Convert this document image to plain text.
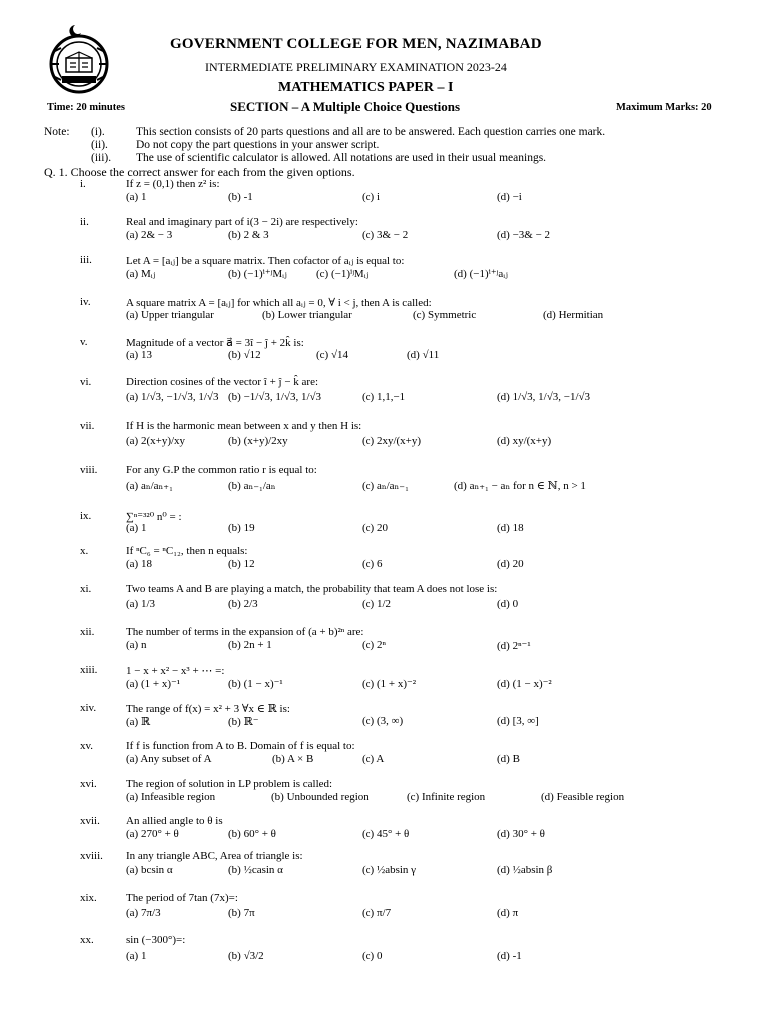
GOVERNMENT COLLEGE FOR MEN, NAZIMABAD
INTERMEDIATE PRELIMINARY EXAMINATION 2023-24
MATHEMATICS PAPER – I
Time: 20 minutes	SECTION – A Multiple Choice Questions	Maximum Marks: 20
Note: (i).	This section consists of 20 parts questions and all are to be answered. Each question carries one mark.
(ii). Do not copy the part questions in your answer script.
(iii). The use of scientific calculator is allowed. All notations are used in their usual meanings.
Q. 1. Choose the correct answer for each from the given options.
i.	If z = (0,1) then z² is:
(a) 1	(b) -1	(c) i	(d) −i
ii.	Real and imaginary part of i(3 − 2i) are respectively:
(a) 2& − 3	(b) 2 & 3	(c) 3& − 2	(d) −3& − 2
iii.	Let A = [aᵢⱼ] be a square matrix. Then cofactor of aᵢⱼ is equal to:
(a) Mᵢⱼ	(b) (−1)ⁱ⁺ʲMᵢⱼ	(c) (−1)ⁱʲMᵢⱼ	(d) (−1)ⁱ⁺ʲaᵢⱼ
iv.	A square matrix A = [aᵢⱼ] for which all aᵢⱼ = 0, ∀ i < j, then A is called:
(a) Upper triangular	(b) Lower triangular	(c) Symmetric	(d) Hermitian
v.	Magnitude of a vector a⃗ = 3î − ĵ + 2k̂ is:
(a) 13	(b) √12	(c) √14	(d) √11
vi.	Direction cosines of the vector î + ĵ − k̂ are:
(a) 1/√3, −1/√3, 1/√3 (b) −1/√3, 1/√3, 1/√3	(c) 1,1,−1	(d) 1/√3, 1/√3, −1/√3
vii.	If H is the harmonic mean between x and y then H is:
(a) 2(x+y)/xy	(b) (x+y)/2xy	(c) 2xy/(x+y)	(d) xy/(x+y)
viii.	For any G.P the common ratio r is equal to:
(a) aₙ/aₙ₊₁	(b) aₙ₋₁/aₙ	(c) aₙ/aₙ₋₁	(d) aₙ₊₁ − aₙ for n ∈ ℕ, n > 1
ix.	∑ⁿ⁼³²⁰ n⁰ = :
(a) 1	(b) 19	(c) 20	(d) 18
x.	If ⁿC₆ = ⁿC₁₂, then n equals:
(a) 18	(b) 12	(c) 6	(d) 20
xi.	Two teams A and B are playing a match, the probability that team A does not lose is:
(a) 1/3	(b) 2/3	(c) 1/2	(d) 0
xii.	The number of terms in the expansion of (a + b)²ⁿ are:
(a) n	(b) 2n + 1	(c) 2ⁿ	(d) 2ⁿ⁻¹
xiii.	1 − x + x² − x³ + ⋯ =:
(a) (1 + x)⁻¹	(b) (1 − x)⁻¹	(c) (1 + x)⁻²	(d) (1 − x)⁻²
xiv.	The range of f(x) = x² + 3 ∀x ∈ ℝ is:
(a) ℝ	(b) ℝ⁻	(c) (3, ∞)	(d) [3, ∞]
xv.	If f is function from A to B. Domain of f is equal to:
(a) Any subset of A	(b) A × B	(c) A	(d) B
xvi.	The region of solution in LP problem is called:
(a) Infeasible region	(b) Unbounded region	(c) Infinite region	(d) Feasible region
xvii. An allied angle to θ is
(a) 270° + θ	(b) 60° + θ	(c) 45° + θ	(d) 30° + θ
xviii. In any triangle ABC, Area of triangle is:
(a) bcsin α	(b) ½casin α	(c) ½absin γ	(d) ½absin β
xix.	The period of 7tan (7x)=:
(a) 7π/3	(b) 7π	(c) π/7	(d) π
xx.	sin (−300°)=:
(a) 1	(b) √3/2	(c) 0	(d) -1
